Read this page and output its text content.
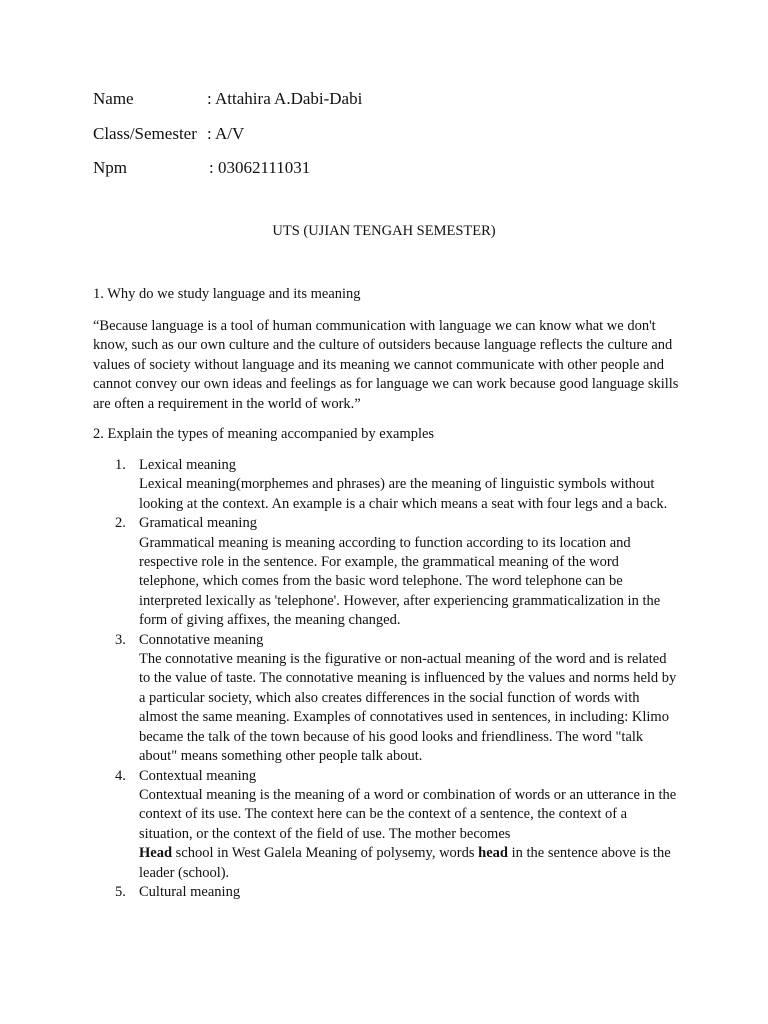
Name	: Attahira A.Dabi-Dabi
Class/Semester : A/V
Npm	: 03062111031
UTS (UJIAN TENGAH SEMESTER)
1. Why do we study language and its meaning
“Because language is a tool of human communication with language we can know what we don't know, such as our own culture and the culture of outsiders because language reflects the culture and values of society without language and its meaning we cannot communicate with other people and cannot convey our own ideas and feelings as for language we can work because good language skills are often a requirement in the world of work.”
2. Explain the types of meaning accompanied by examples
1. Lexical meaning
Lexical meaning(morphemes and phrases) are the meaning of linguistic symbols without looking at the context. An example is a chair which means a seat with four legs and a back.
2. Gramatical meaning
Grammatical meaning is meaning according to function according to its location and respective role in the sentence. For example, the grammatical meaning of the word telephone, which comes from the basic word telephone. The word telephone can be interpreted lexically as 'telephone'. However, after experiencing grammaticalization in the form of giving affixes, the meaning changed.
3. Connotative meaning
The connotative meaning is the figurative or non-actual meaning of the word and is related to the value of taste. The connotative meaning is influenced by the values and norms held by a particular society, which also creates differences in the social function of words with almost the same meaning. Examples of connotatives used in sentences, in including: Klimo became the talk of the town because of his good looks and friendliness. The word "talk about" means something other people talk about.
4. Contextual meaning
Contextual meaning is the meaning of a word or combination of words or an utterance in the context of its use. The context here can be the context of a sentence, the context of a situation, or the context of the field of use. The mother becomes
Head school in West Galela Meaning of polysemy, words head in the sentence above is the leader (school).
5. Cultural meaning
